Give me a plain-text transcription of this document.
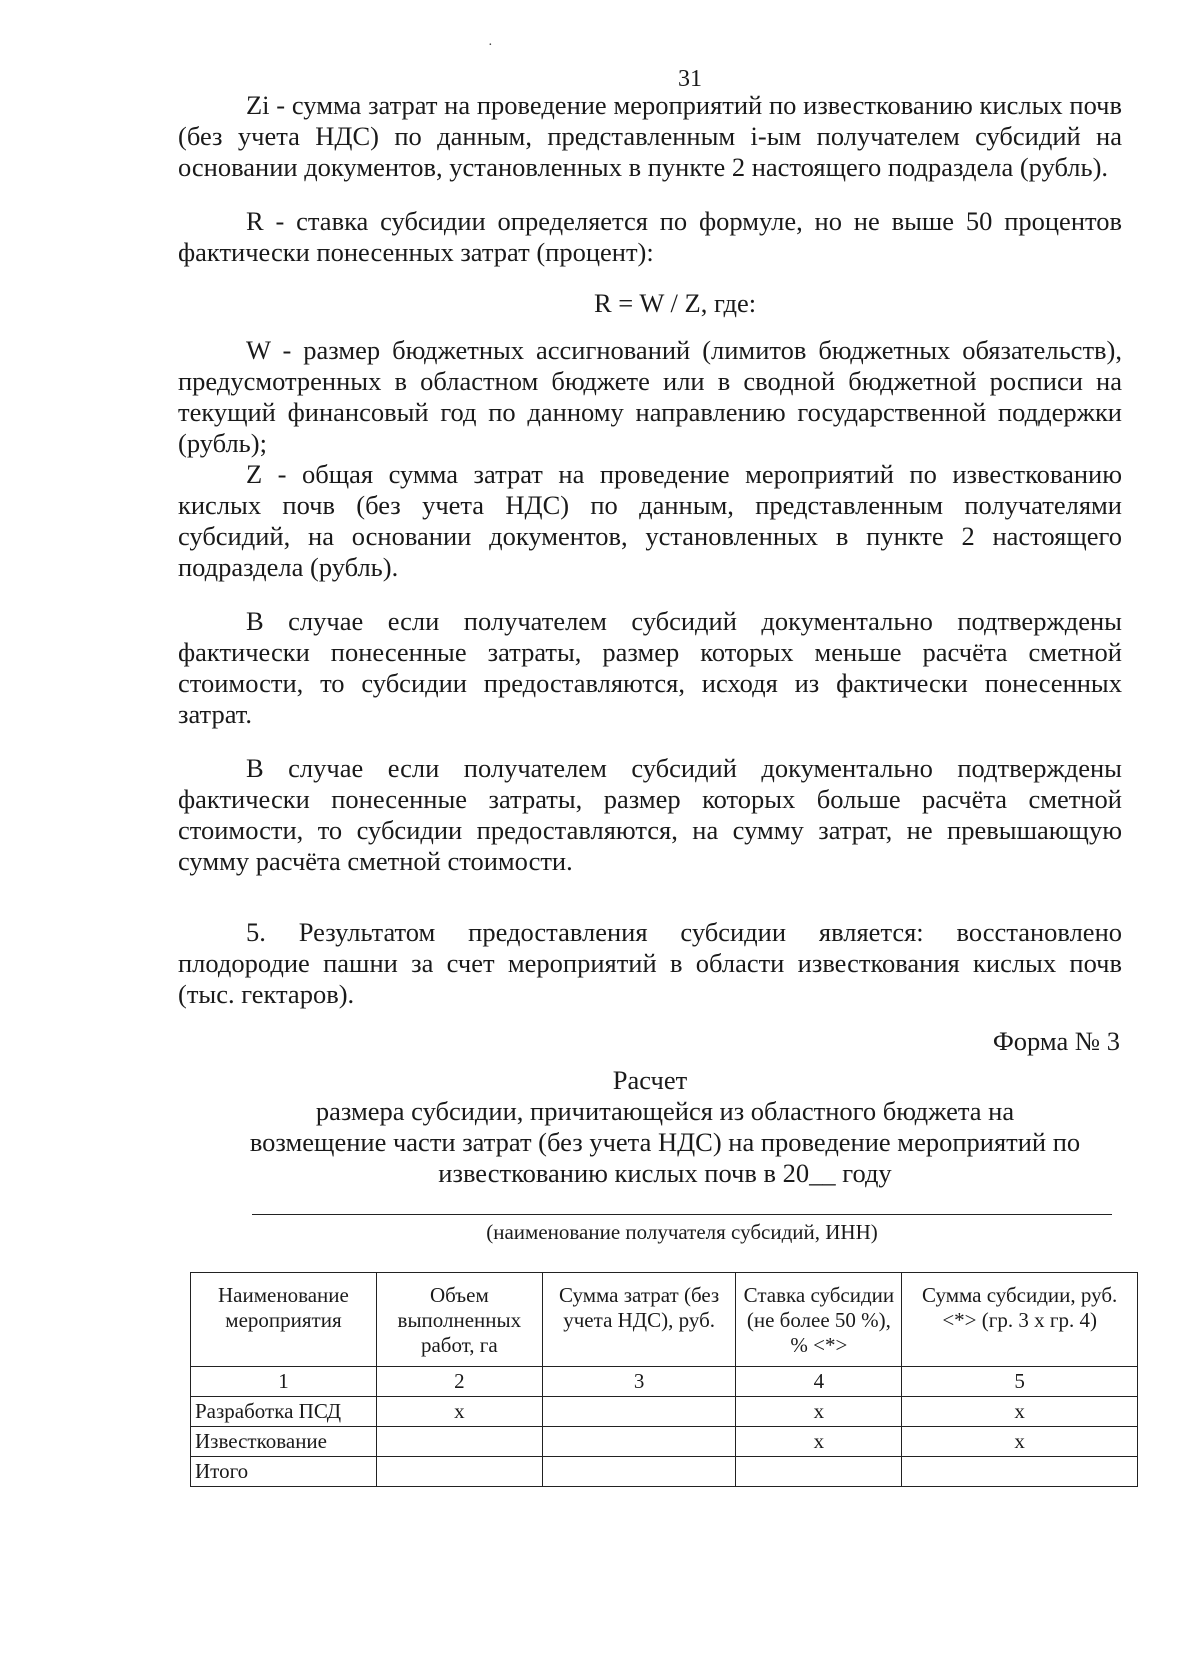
·
31

Zi - сумма затрат на проведение мероприятий по известкованию кислых почв (без учета НДС) по данным, представленным i-ым получателем субсидий на основании документов, установленных в пункте 2 настоящего подраздела (рубль).

R - ставка субсидии определяется по формуле, но не выше 50 процентов фактически понесенных затрат (процент):

R = W / Z, где:

W - размер бюджетных ассигнований (лимитов бюджетных обязательств), предусмотренных в областном бюджете или в сводной бюджетной росписи на текущий финансовый год по данному направлению государственной поддержки (рубль);

Z - общая сумма затрат на проведение мероприятий по известкованию кислых почв (без учета НДС) по данным, представленным получателями субсидий, на основании документов, установленных в пункте 2 настоящего подраздела (рубль).

В случае если получателем субсидий документально подтверждены фактически понесенные затраты, размер которых меньше расчёта сметной стоимости, то субсидии предоставляются, исходя из фактически понесенных затрат.

В случае если получателем субсидий документально подтверждены фактически понесенные затраты, размер которых больше расчёта сметной стоимости, то субсидии предоставляются, на сумму затрат, не превышающую сумму расчёта сметной стоимости.

5. Результатом предоставления субсидии является: восстановлено плодородие пашни за счет мероприятий в области известкования кислых почв (тыс. гектаров).

Форма № 3

Расчет

размера субсидии, причитающейся из областного бюджета на

возмещение части затрат (без учета НДС) на проведение мероприятий по

известкованию кислых почв в 20__ году

(наименование получателя субсидий, ИНН)
Наименование мероприятия	Объем выполненных работ, га	Сумма затрат (без учета НДС), руб.	Ставка субсидии (не более 50 %), % <*>	Сумма субсидии, руб. <*> (гр. 3 х гр. 4)
1	2	3	4	5
Разработка ПСД	х		х	х
Известкование			х	х
Итого				
